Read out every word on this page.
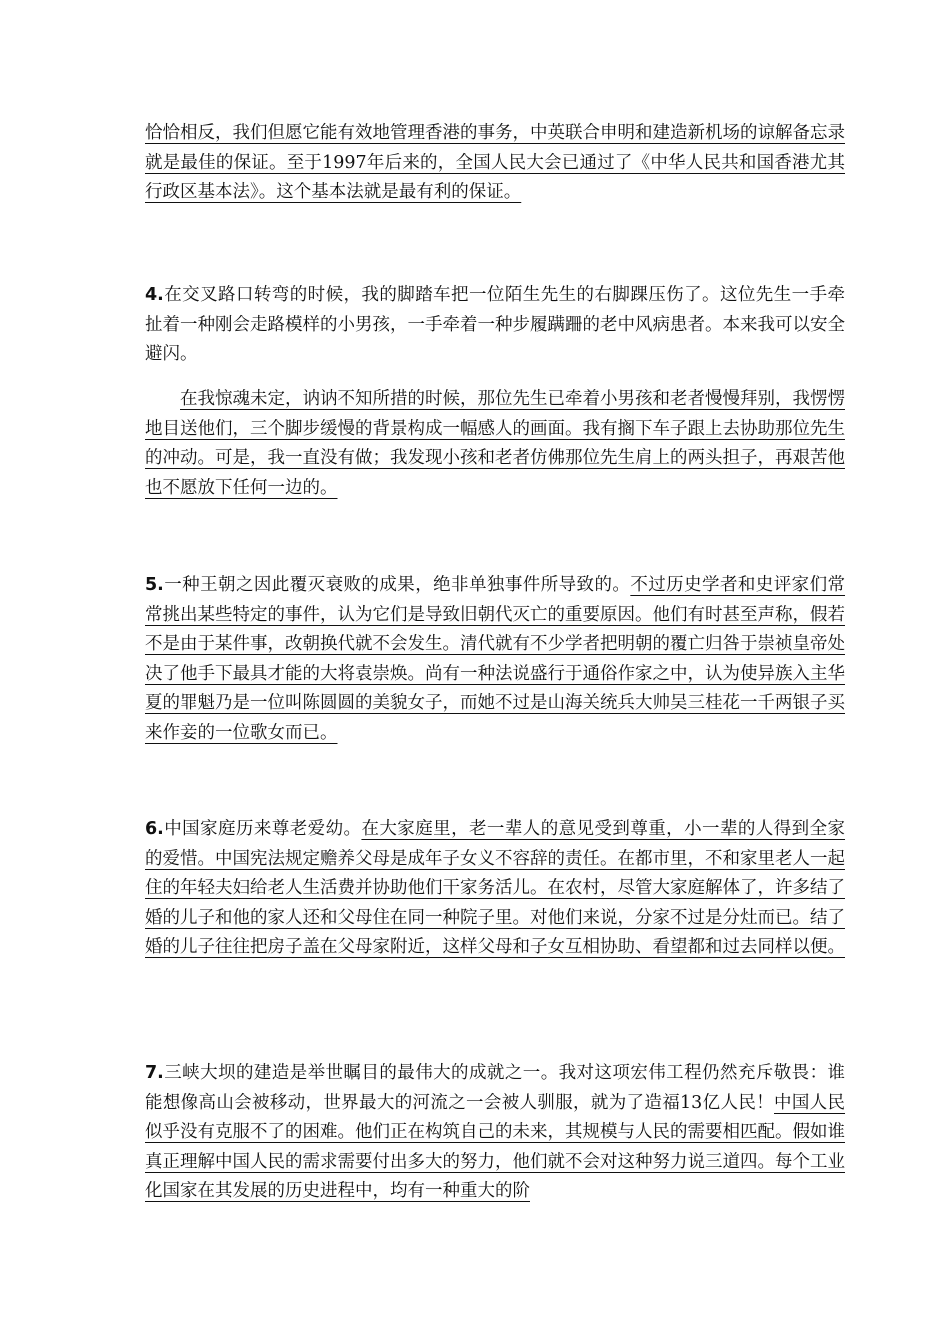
恰恰相反，我们但愿它能有效地管理香港的事务，中英联合申明和建造新机场的谅解备忘录就是最佳的保证。至于1997年后来的，全国人民大会已通过了《中华人民共和国香港尤其行政区基本法》。这个基本法就是最有利的保证。

4.在交叉路口转弯的时候，我的脚踏车把一位陌生先生的右脚踝压伤了。这位先生一手牵扯着一种刚会走路模样的小男孩，一手牵着一种步履蹒跚的老中风病患者。本来我可以安全避闪。

在我惊魂未定，讷讷不知所措的时候，那位先生已牵着小男孩和老者慢慢拜别，我愣愣地目送他们，三个脚步缓慢的背景构成一幅感人的画面。我有搁下车子跟上去协助那位先生的冲动。可是，我一直没有做；我发现小孩和老者仿佛那位先生肩上的两头担子，再艰苦他也不愿放下任何一边的。

5.一种王朝之因此覆灭衰败的成果，绝非单独事件所导致的。不过历史学者和史评家们常常挑出某些特定的事件，认为它们是导致旧朝代灭亡的重要原因。他们有时甚至声称，假若不是由于某件事，改朝换代就不会发生。清代就有不少学者把明朝的覆亡归咎于崇祯皇帝处决了他手下最具才能的大将袁崇焕。尚有一种法说盛行于通俗作家之中，认为使异族入主华夏的罪魁乃是一位叫陈圆圆的美貌女子，而她不过是山海关统兵大帅吴三桂花一千两银子买来作妾的一位歌女而已。

6.中国家庭历来尊老爱幼。在大家庭里，老一辈人的意见受到尊重，小一辈的人得到全家的爱惜。中国宪法规定赡养父母是成年子女义不容辞的责任。在都市里，不和家里老人一起住的年轻夫妇给老人生活费并协助他们干家务活儿。在农村，尽管大家庭解体了，许多结了婚的儿子和他的家人还和父母住在同一种院子里。对他们来说，分家不过是分灶而已。结了婚的儿子往往把房子盖在父母家附近，这样父母和子女互相协助、看望都和过去同样以便。

7.三峡大坝的建造是举世瞩目的最伟大的成就之一。我对这项宏伟工程仍然充斥敬畏：谁能想像高山会被移动，世界最大的河流之一会被人驯服，就为了造福13亿人民！中国人民似乎没有克服不了的困难。他们正在构筑自己的未来，其规模与人民的需要相匹配。假如谁真正理解中国人民的需求需要付出多大的努力，他们就不会对这种努力说三道四。每个工业化国家在其发展的历史进程中，均有一种重大的阶
